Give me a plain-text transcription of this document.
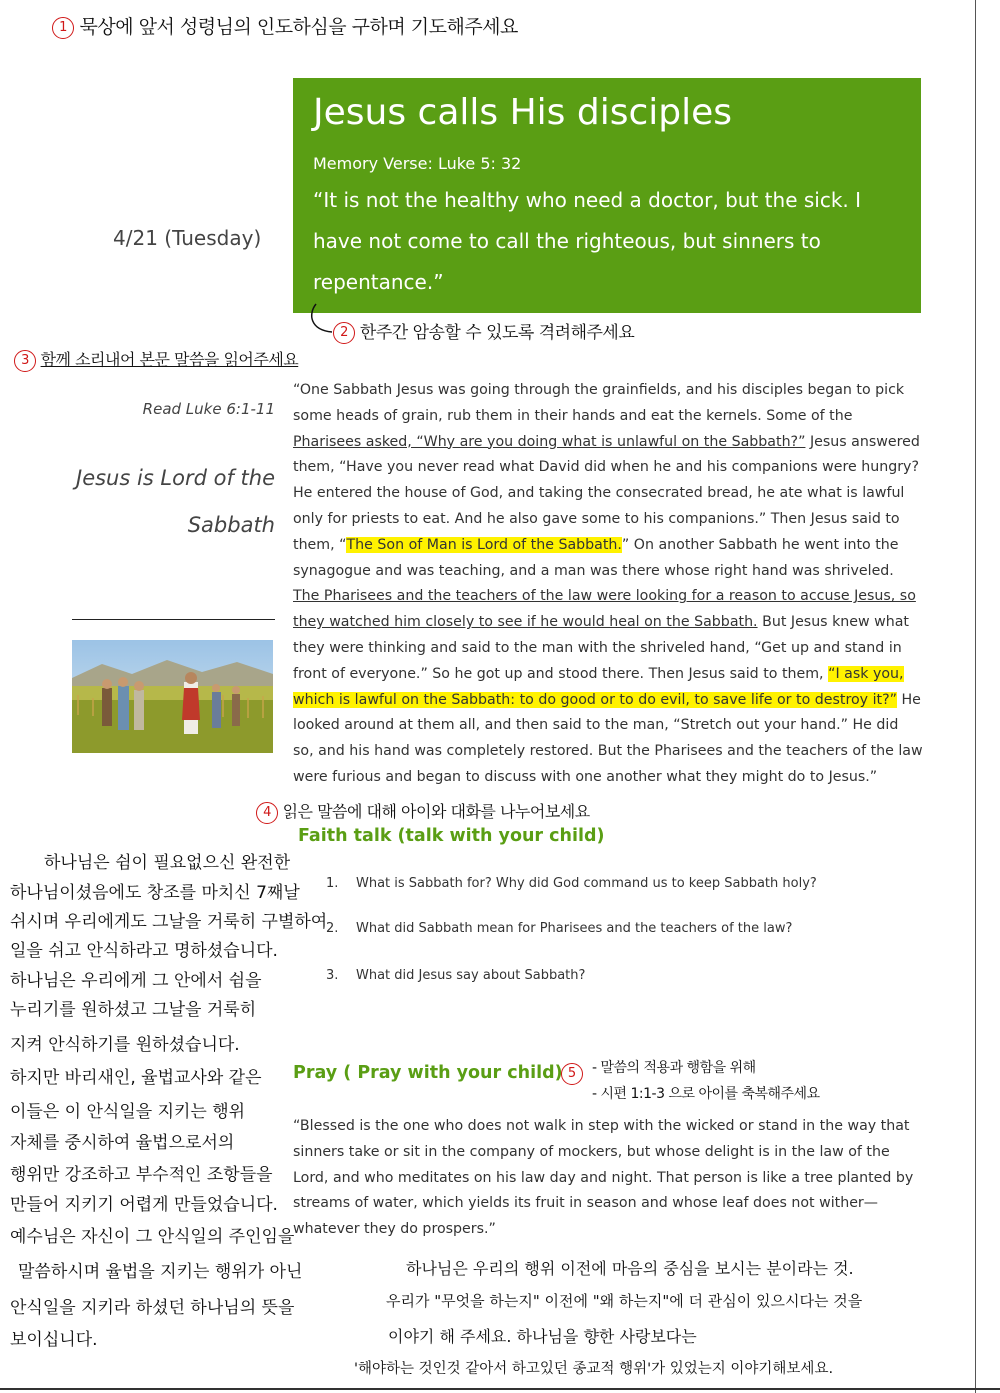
1 묵상에 앞서 성령님의 인도하심을 구하며 기도해주세요
Jesus calls His disciples
Memory Verse: Luke 5: 32
“It is not the healthy who need a doctor, but the sick. I have not come to call the righteous, but sinners to repentance.”
4/21 (Tuesday)
2 한주간 암송할 수 있도록 격려해주세요
3 함께 소리내어 본문 말씀을 읽어주세요
Read Luke 6:1-11
Jesus is Lord of the Sabbath
“One Sabbath Jesus was going through the grainfields, and his disciples began to pick some heads of grain, rub them in their hands and eat the kernels. Some of the Pharisees asked, “Why are you doing what is unlawful on the Sabbath?” Jesus answered them, “Have you never read what David did when he and his companions were hungry? He entered the house of God, and taking the consecrated bread, he ate what is lawful only for priests to eat. And he also gave some to his companions.” Then Jesus said to them, “The Son of Man is Lord of the Sabbath.” On another Sabbath he went into the synagogue and was teaching, and a man was there whose right hand was shriveled. The Pharisees and the teachers of the law were looking for a reason to accuse Jesus, so they watched him closely to see if he would heal on the Sabbath. But Jesus knew what they were thinking and said to the man with the shriveled hand, “Get up and stand in front of everyone.” So he got up and stood there. Then Jesus said to them, “I ask you, which is lawful on the Sabbath: to do good or to do evil, to save life or to destroy it?” He looked around at them all, and then said to the man, “Stretch out your hand.” He did so, and his hand was completely restored. But the Pharisees and the teachers of the law were furious and began to discuss with one another what they might do to Jesus.”
4 읽은 말씀에 대해 아이와 대화를 나누어보세요
Faith talk (talk with your child)
1. What is Sabbath for? Why did God command us to keep Sabbath holy?
2. What did Sabbath mean for Pharisees and the teachers of the law?
3. What did Jesus say about Sabbath?
Pray ( Pray with your child) 5	- 말씀의 적용과 행함을 위해
- 시편 1:1-3 으로 아이를 축복해주세요
“Blessed is the one who does not walk in step with the wicked or stand in the way that sinners take or sit in the company of mockers, but whose delight is in the law of the Lord, and who meditates on his law day and night. That person is like a tree planted by streams of water, which yields its fruit in season and whose leaf does not wither— whatever they do prospers.”
하나님은 쉼이 필요없으신 완전한
하나님이셨음에도 창조를 마치신 7째날
쉬시며 우리에게도 그날을 거룩히 구별하여
일을 쉬고 안식하라고 명하셨습니다.
하나님은 우리에게 그 안에서 쉼을
누리기를 원하셨고 그날을 거룩히
지켜 안식하기를 원하셨습니다.
하지만 바리새인, 율법교사와 같은
이들은 이 안식일을 지키는 행위
자체를 중시하여 율법으로서의
행위만 강조하고 부수적인 조항들을
만들어 지키기 어렵게 만들었습니다.
예수님은 자신이 그 안식일의 주인임을
말씀하시며 율법을 지키는 행위가 아닌
안식일을 지키라 하셨던 하나님의 뜻을
보이십니다.
하나님은 우리의 행위 이전에 마음의 중심을 보시는 분이라는 것.
우리가 "무엇을 하는지" 이전에 "왜 하는지"에 더 관심이 있으시다는 것을
이야기 해 주세요. 하나님을 향한 사랑보다는
'해야하는 것인것 같아서 하고있던 종교적 행위'가 있었는지 이야기해보세요.
